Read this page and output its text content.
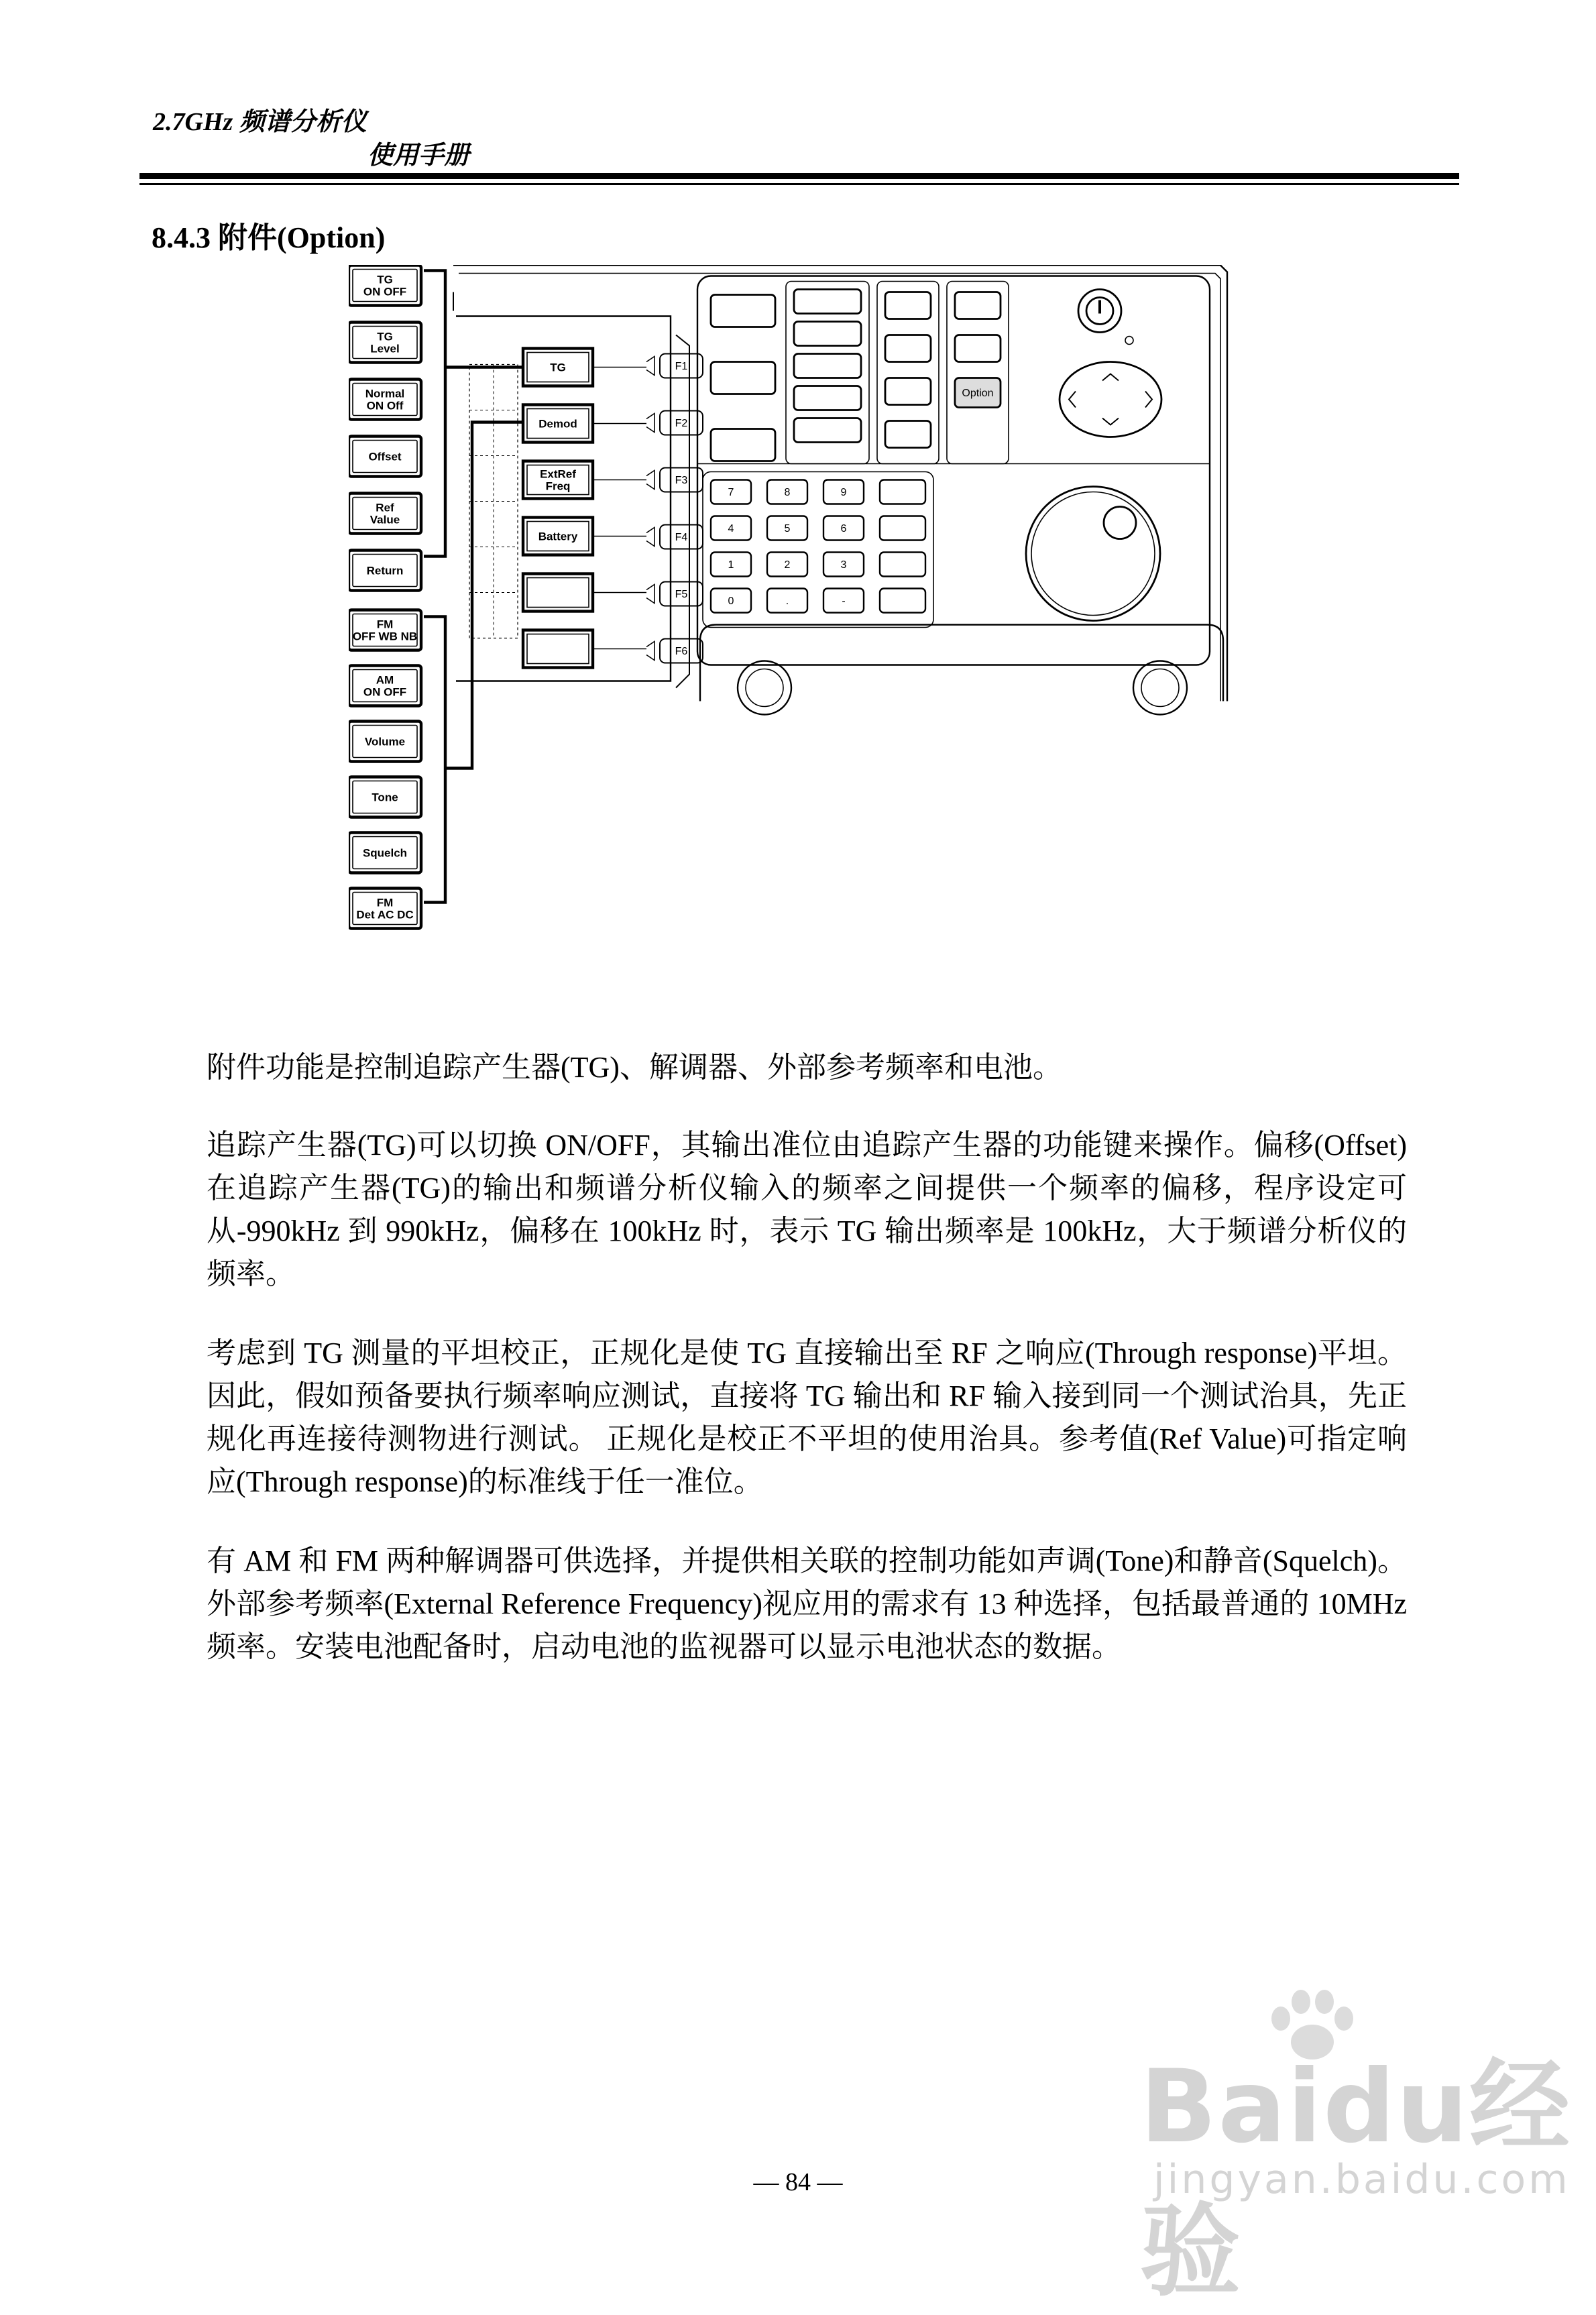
2.7GHz 频谱分析仪
使用手册
8.4.3 附件(Option)
TG
ON OFF
TG
Level
Normal
ON Off
Offset
Ref
Value
Return
FM
OFF WB NB
AM
ON OFF
Volume
Tone
Squelch
FM
Det AC DC
TG
Demod
ExtRef
Freq
Battery
F1
F2
F3
F4
F5
F6
Option
7	8	9
4	5	6
1	2	3
0	.	-

附件功能是控制追踪产生器(TG)、解调器、外部参考频率和电池。

追踪产生器(TG)可以切换 ON/OFF，其输出准位由追踪产生器的功能键来操作。偏移(Offset)在追踪产生器(TG)的输出和频谱分析仪输入的频率之间提供一个频率的偏移，程序设定可从-990kHz 到 990kHz，偏移在 100kHz 时，表示 TG 输出频率是 100kHz，大于频谱分析仪的频率。

考虑到 TG 测量的平坦校正，正规化是使 TG 直接输出至 RF 之响应(Through response)平坦。因此，假如预备要执行频率响应测试，直接将 TG 输出和 RF 输入接到同一个测试治具，先正规化再连接待测物进行测试。 正规化是校正不平坦的使用治具。参考值(Ref Value)可指定响应(Through response)的标准线于任一准位。

有 AM 和 FM 两种解调器可供选择，并提供相关联的控制功能如声调(Tone)和静音(Squelch)。 外部参考频率(External Reference Frequency)视应用的需求有 13 种选择，包括最普通的 10MHz 频率。安装电池配备时，启动电池的监视器可以显示电池状态的数据。

Baidu经验
jingyan.baidu.com
— 84 —
